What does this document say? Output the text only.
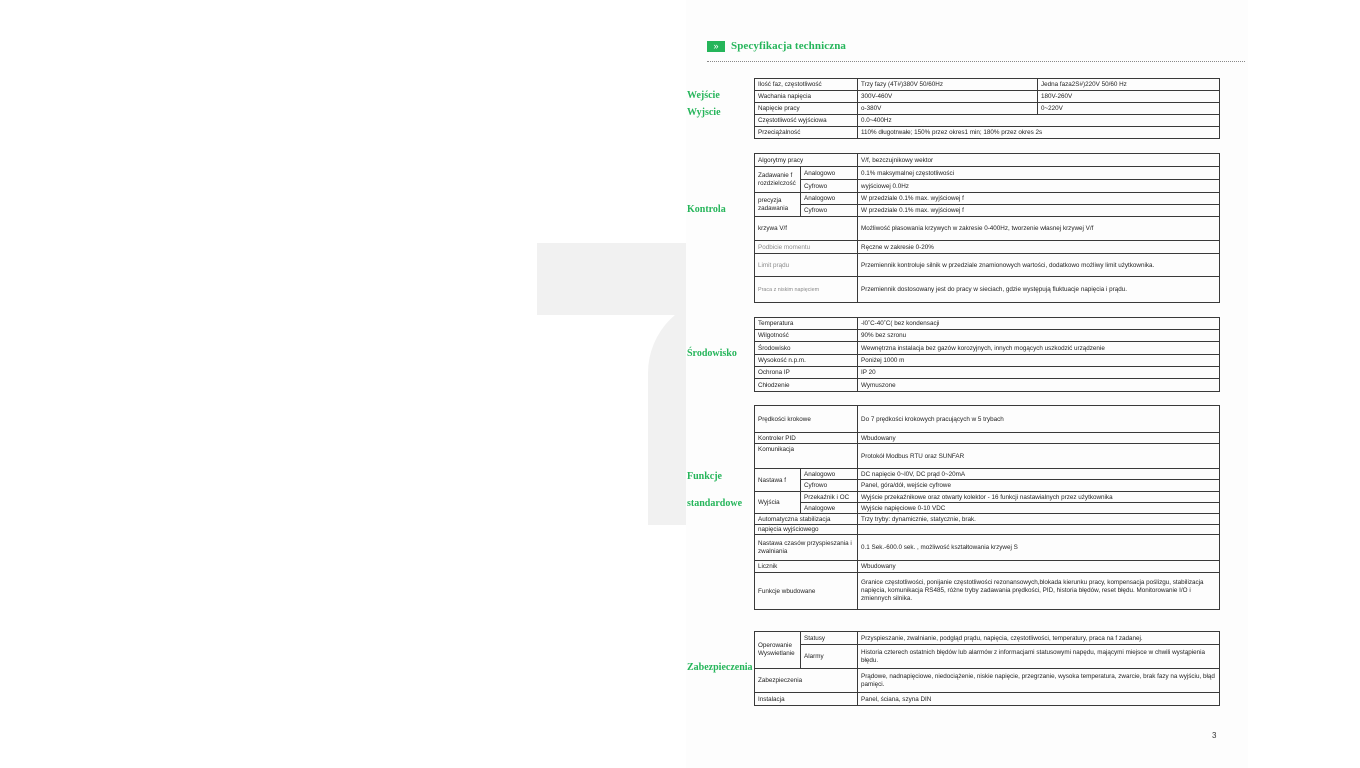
»	Specyfikacja techniczna
Wejście
Wyjscie
Kontrola
Środowisko
Funkcje
standardowe
Zabezpieczenia
Ilość faz, częstotliwość	Trzy fazy (4T#)380V 50/60Hz	Jedna faza2S#)220V 50/60 Hz
Wachania napięcia	300V-460V	180V-260V
Napięcie pracy	o-380V	0~220V
Częstotliwość wyjściowa	0.0~400Hz	
Przeciążalność	110% długotrwałe; 150% przez okres1 min; 180% przez okres 2s	
Algorytmy pracy		V/f, bezczujnikowy wektor
Zadawanie f rozdzielczość	Analogowo	0.1% maksymalnej częstotliwości
	Cyfrowo	wyjściowej 0.0Hz
precyzja zadawania	Analogowo	W przedziale 0.1% max. wyjściowej f
	Cyfrowo	W przedziale 0.1% max. wyjściowej f
krzywa V/f		Możliwość płasowania krzywych w zakresie 0-400Hz, tworzenie własnej krzywej V/f
Podbicie momentu		Ręczne w zakresie 0-20%
Limit prądu		Przemiennik kontroluje silnik w przedziale znamionowych wartości, dodatkowo możliwy limit użytkownika.
Praca z niskim napięciem		Przemiennik dostosowany jest do pracy w sieciach, gdzie występują fluktuacje napięcia i prądu.
Temperatura	-l0˚C-40˚C( bez kondensacji
Wilgotność	90% bez szronu
Środowisko	Wewnętrzna instalacja bez gazów korozyjnych, innych mogących uszkodzić urządzenie
Wysokość n.p.m.	Poniżej 1000 m
Ochrona IP	IP 20
Chłodzenie	Wymuszone
Prędkości krokowe		Do 7 prędkości krokowych pracujących w 5 trybach
Kontroler PID		Wbudowany
Komunikacja		Protokół Modbus RTU oraz SUNFAR
Nastawa f	Analogowo	DC napięcie 0~l0V, DC prąd 0~20mA
	Cyfrowo	Panel, góra/dół, wejście cyfrowe
Wyjścia	Przekaźnik i OC	Wyjście przekaźnikowe oraz otwarty kolektor - 16 funkcji nastawialnych przez użytkownika
	Analogowe	Wyjście napięciowe 0-10 VDC
Automatyczna stabilizacja		Trzy tryby: dynamicznie, statycznie, brak.
napięcia wyjściowego		
Nastawa czasów przyspieszania i zwalniania		0.1 Sek.-600.0 sek. , możliwość kształtowania krzywej S
Licznik		Wbudowany
Funkcje wbudowane		Granice częstotliwości, ponijanie częstotliwości rezonansowych,blokada kierunku pracy, kompensacja poślizgu, stabilizacja napięcia, komunikacja RS485, różne tryby zadawania prędkości, PID, historia błędów, reset błędu. Monitorowanie I/O i zmiennych silnika.
Operowanie Wyswietlanie	Statusy	Przyspieszanie, zwalnianie, podgląd prądu, napięcia, częstotliwości, temperatury, praca na f zadanej.
	Alarmy	Historia czterech ostatnich błędów lub alarmów z informacjami statusowymi napędu, mającymi miejsce w chwili wystąpienia błędu.
Zabezpieczenia		Prądowe, nadnapięciowe, niedociążenie, niskie napięcie, przegrzanie, wysoka temperatura, zwarcie, brak fazy na wyjściu, błąd pamięci.
Instalacja		Panel, ściana, szyna DIN
3
